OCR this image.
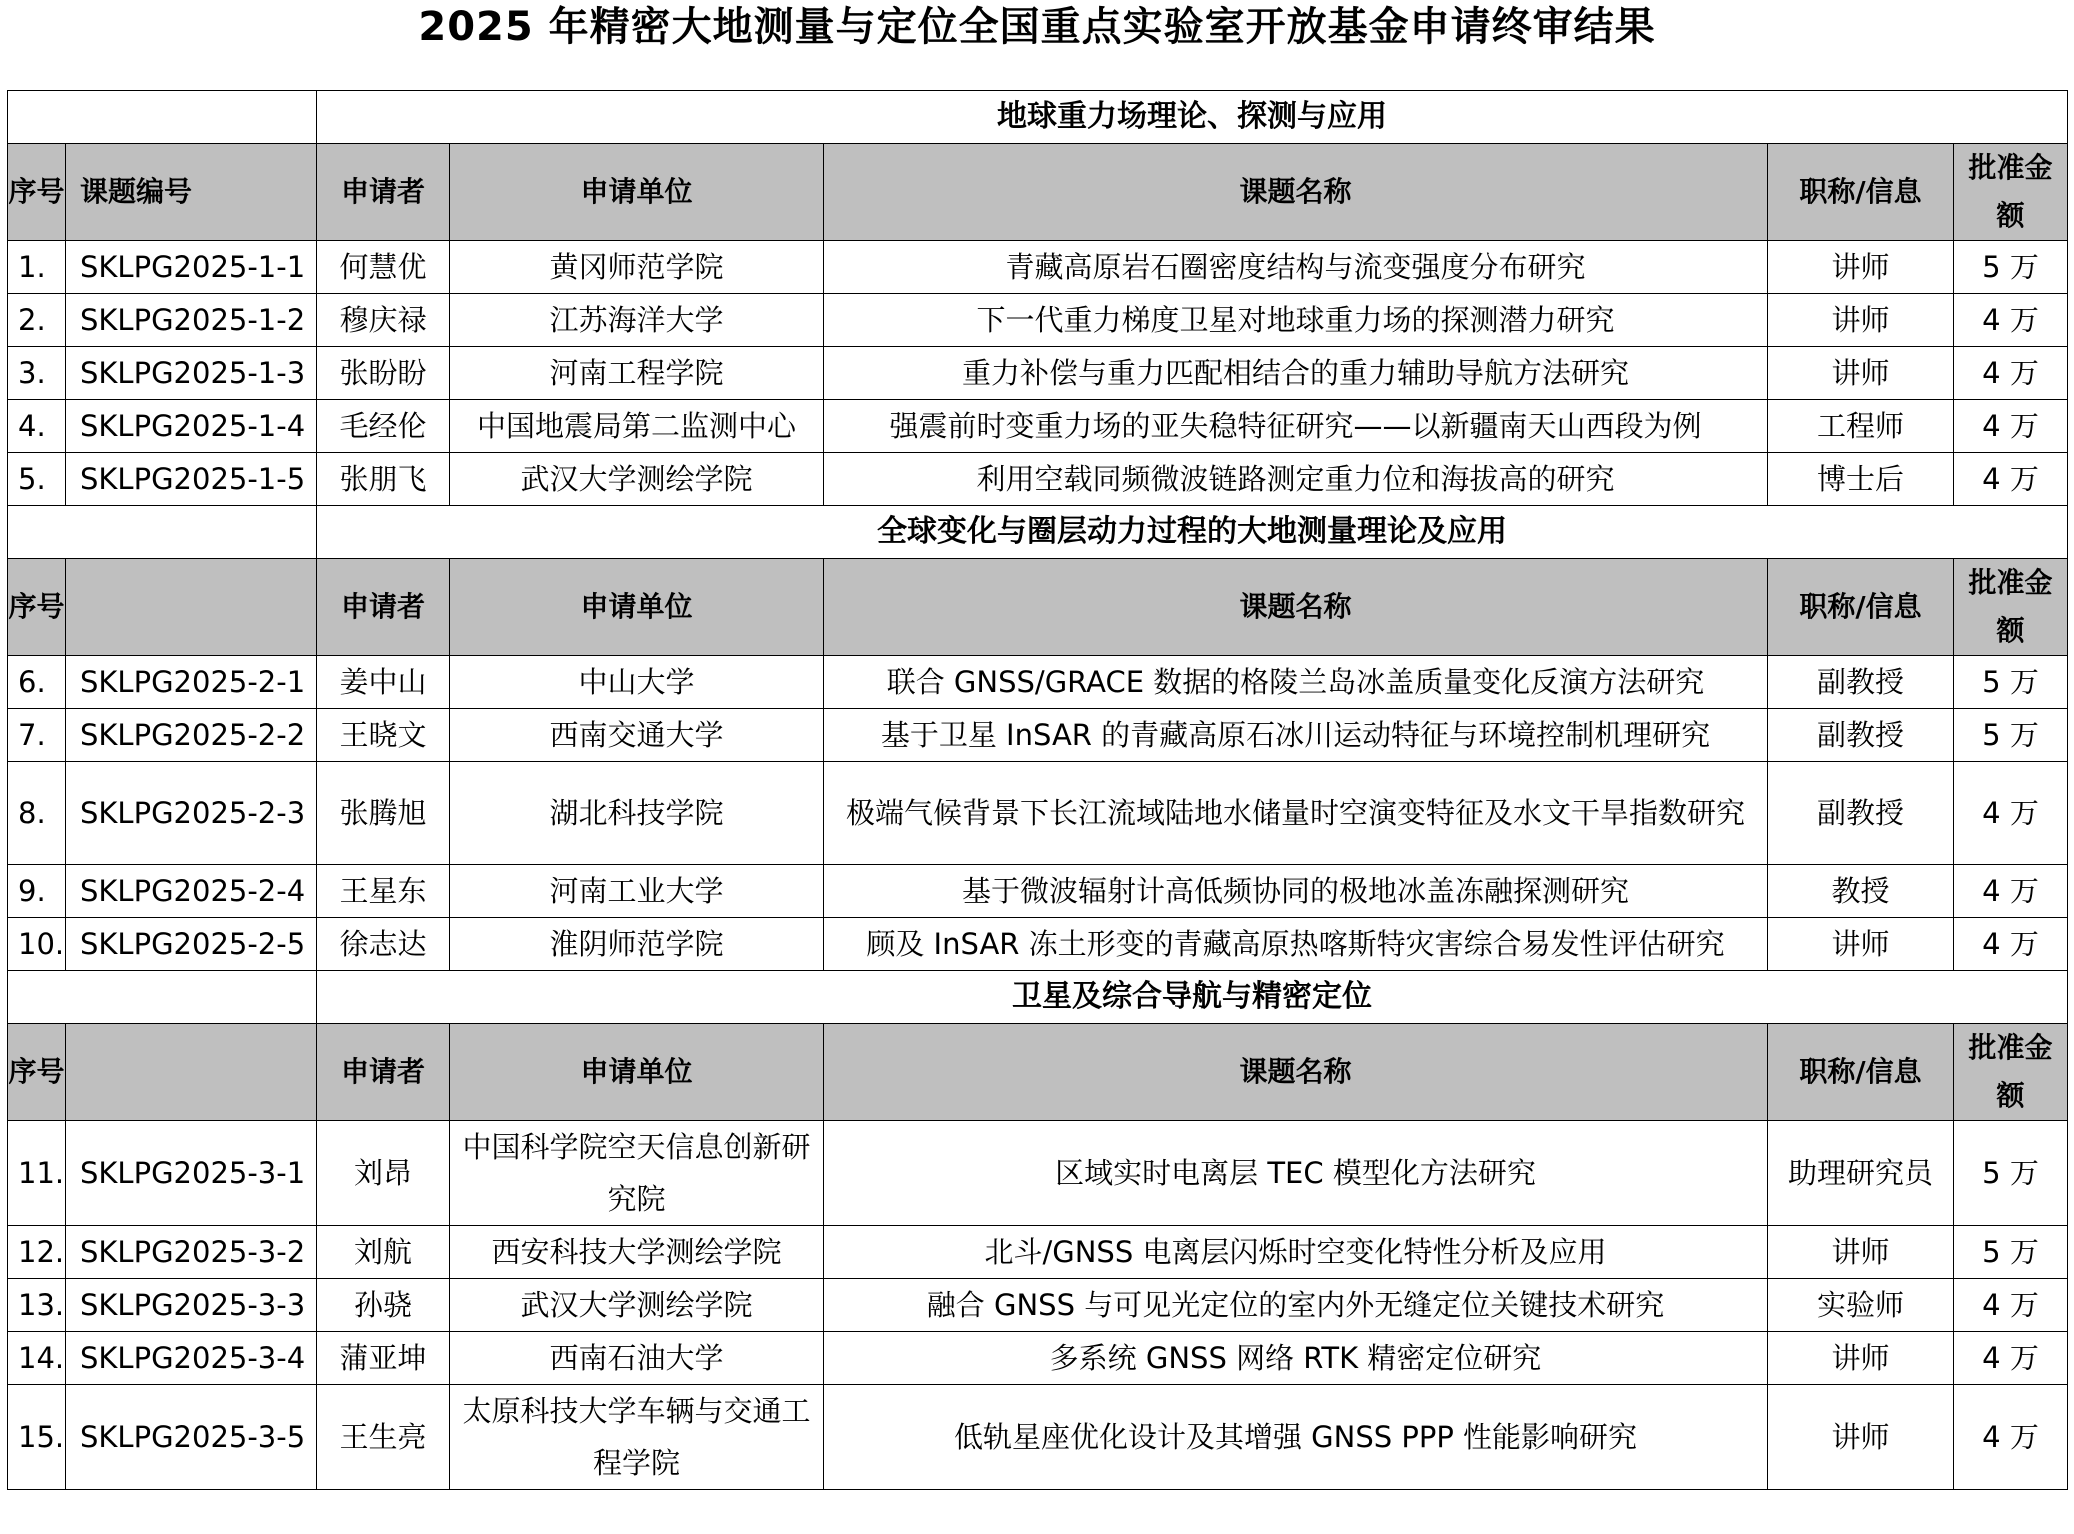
2025 年精密大地测量与定位全国重点实验室开放基金申请终审结果
		地球重力场理论、探测与应用				
序号	课题编号	申请者	申请单位	课题名称	职称/信息	批准金额
1.	SKLPG2025-1-1	何慧优	黄冈师范学院	青藏高原岩石圈密度结构与流变强度分布研究	讲师	5 万
2.	SKLPG2025-1-2	穆庆禄	江苏海洋大学	下一代重力梯度卫星对地球重力场的探测潜力研究	讲师	4 万
3.	SKLPG2025-1-3	张盼盼	河南工程学院	重力补偿与重力匹配相结合的重力辅助导航方法研究	讲师	4 万
4.	SKLPG2025-1-4	毛经伦	中国地震局第二监测中心	强震前时变重力场的亚失稳特征研究——以新疆南天山西段为例	工程师	4 万
5.	SKLPG2025-1-5	张朋飞	武汉大学测绘学院	利用空载同频微波链路测定重力位和海拔高的研究	博士后	4 万
		全球变化与圈层动力过程的大地测量理论及应用				
序号		申请者	申请单位	课题名称	职称/信息	批准金额
6.	SKLPG2025-2-1	姜中山	中山大学	联合 GNSS/GRACE 数据的格陵兰岛冰盖质量变化反演方法研究	副教授	5 万
7.	SKLPG2025-2-2	王晓文	西南交通大学	基于卫星 InSAR 的青藏高原石冰川运动特征与环境控制机理研究	副教授	5 万
8.	SKLPG2025-2-3	张腾旭	湖北科技学院	极端气候背景下长江流域陆地水储量时空演变特征及水文干旱指数研究	副教授	4 万
9.	SKLPG2025-2-4	王星东	河南工业大学	基于微波辐射计高低频协同的极地冰盖冻融探测研究	教授	4 万
10.	SKLPG2025-2-5	徐志达	淮阴师范学院	顾及 InSAR 冻土形变的青藏高原热喀斯特灾害综合易发性评估研究	讲师	4 万
		卫星及综合导航与精密定位				
序号		申请者	申请单位	课题名称	职称/信息	批准金额
11.	SKLPG2025-3-1	刘昂	中国科学院空天信息创新研究院	区域实时电离层 TEC 模型化方法研究	助理研究员	5 万
12.	SKLPG2025-3-2	刘航	西安科技大学测绘学院	北斗/GNSS 电离层闪烁时空变化特性分析及应用	讲师	5 万
13.	SKLPG2025-3-3	孙骁	武汉大学测绘学院	融合 GNSS 与可见光定位的室内外无缝定位关键技术研究	实验师	4 万
14.	SKLPG2025-3-4	蒲亚坤	西南石油大学	多系统 GNSS 网络 RTK 精密定位研究	讲师	4 万
15.	SKLPG2025-3-5	王生亮	太原科技大学车辆与交通工程学院	低轨星座优化设计及其增强 GNSS PPP 性能影响研究	讲师	4 万
